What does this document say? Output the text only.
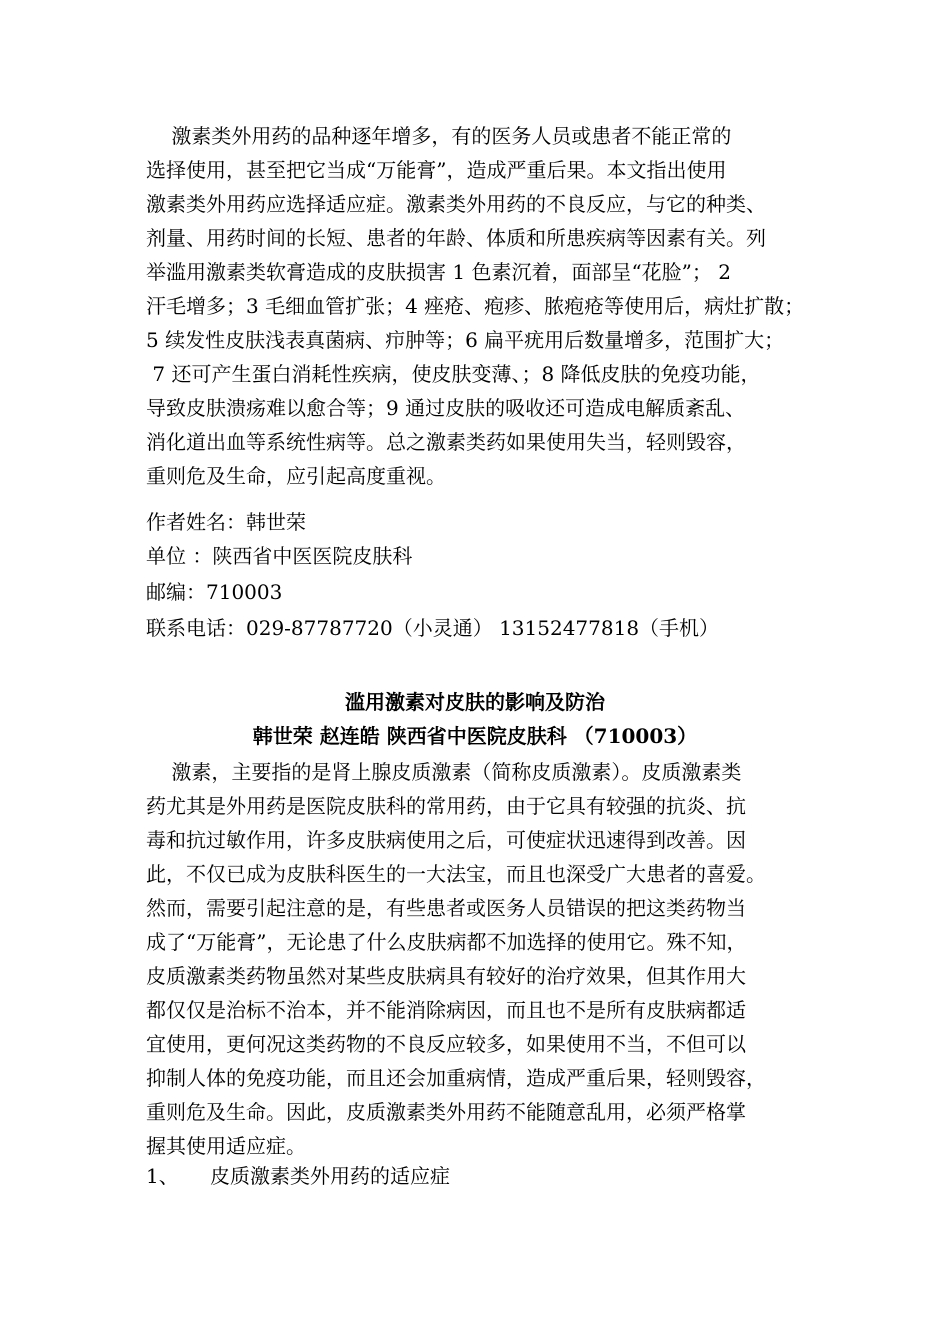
激素类外用药的品种逐年增多，有的医务人员或患者不能正常的
选择使用，甚至把它当成“万能膏”，造成严重后果。本文指出使用
激素类外用药应选择适应症。激素类外用药的不良反应，与它的种类、
剂量、用药时间的长短、患者的年龄、体质和所患疾病等因素有关。列
举滥用激素类软膏造成的皮肤损害 1 色素沉着，面部呈“花脸”； 2
汗毛增多；3 毛细血管扩张；4 痤疮、疱疹、脓疱疮等使用后，病灶扩散；
5 续发性皮肤浅表真菌病、疖肿等；6 扁平疣用后数量增多，范围扩大；
7 还可产生蛋白消耗性疾病，使皮肤变薄、；8 降低皮肤的免疫功能，
导致皮肤溃疡难以愈合等；9 通过皮肤的吸收还可造成电解质紊乱、
消化道出血等系统性病等。总之激素类药如果使用失当，轻则毁容，
重则危及生命，应引起高度重视。
作者姓名：韩世荣
单位 ：陕西省中医医院皮肤科
邮编：710003
联系电话：029-87787720（小灵通） 13152477818（手机）
滥用激素对皮肤的影响及防治
韩世荣 赵连皓 陕西省中医院皮肤科 （710003）
激素，主要指的是肾上腺皮质激素（简称皮质激素）。皮质激素类
药尤其是外用药是医院皮肤科的常用药，由于它具有较强的抗炎、抗
毒和抗过敏作用，许多皮肤病使用之后，可使症状迅速得到改善。因
此，不仅已成为皮肤科医生的一大法宝，而且也深受广大患者的喜爱。
然而，需要引起注意的是，有些患者或医务人员错误的把这类药物当
成了“万能膏”，无论患了什么皮肤病都不加选择的使用它。殊不知，
皮质激素类药物虽然对某些皮肤病具有较好的治疗效果，但其作用大
都仅仅是治标不治本，并不能消除病因，而且也不是所有皮肤病都适
宜使用，更何况这类药物的不良反应较多，如果使用不当，不但可以
抑制人体的免疫功能，而且还会加重病情，造成严重后果，轻则毁容，
重则危及生命。因此，皮质激素类外用药不能随意乱用，必须严格掌
握其使用适应症。
1、 皮质激素类外用药的适应症
